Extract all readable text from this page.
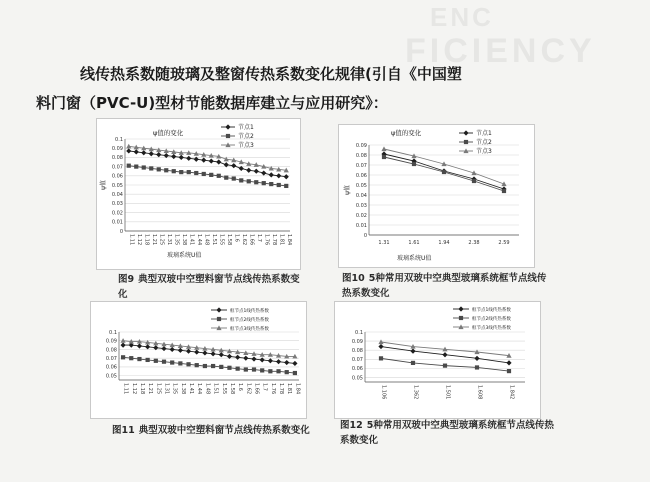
ENC
FICIENCY
线传热系数随玻璃及整窗传热系数变化规律(引自《中国塑
料门窗（PVC-U)型材节能数据库建立与应用研究》：
0
0.01
0.02
0.03
0.04
0.05
0.06
0.07
0.08
0.09
0.1
1.11 1.12 1.18 1.21 1.25 1.31 1.35 1.38 1.41 1.44 1.48 1.51 1.55 1.58 1.6 1.62 1.66 1.7 1.76 1.78 1.81 1.84
ψ值的变化
玻璃系统U值
ψ值
节点1
节点2
节点3
图9 典型双玻中空塑料窗节点线传热系数变化
0
0.01
0.02
0.03
0.04
0.05
0.06
0.07
0.08
0.09
1.31	1.61	1.94	2.38	2.59
ψ值的变化
玻璃系统U值
ψ值
节点1
节点2
节点3
图10 5种常用双玻中空典型玻璃系统框节点线传热系数变化
0.05
0.06
0.07
0.08
0.09
0.1
1.11 1.12 1.18 1.21 1.25 1.31 1.35 1.38 1.41 1.44 1.48 1.51 1.55 1.58 1.6 1.62 1.66 1.7 1.76 1.78 1.81 1.84
框节点1线传热系数
框节点2线传热系数
框节点3线传热系数
图11 典型双玻中空塑料窗节点线传热系数变化
0.05
0.06
0.07
0.08
0.09
0.1
1.106	1.362	1.501	1.608	1.842
框节点1线传热系数
框节点2线传热系数
框节点3线传热系数
图12 5种常用双玻中空典型玻璃系统框节点线传热系数变化
